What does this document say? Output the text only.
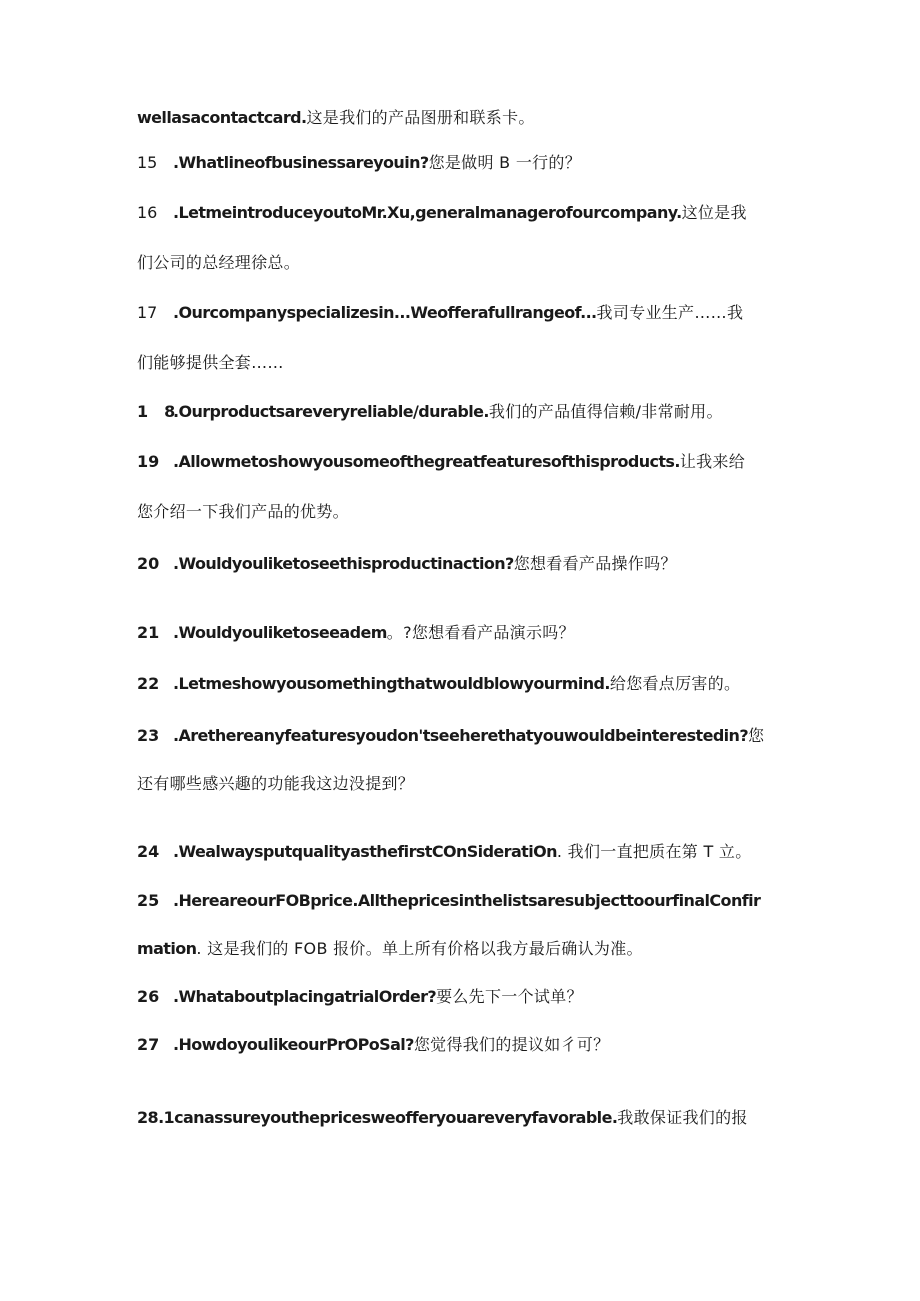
wellasacontactcard.这是我们的产品图册和联系卡。
15 .Whatlineofbusinessareyouin?您是做明 B 一行的？
16 .LetmeintroduceyoutoMr.Xu,generalmanagerofourcompany.这位是我
们公司的总经理徐总。
17 .Ourcompanyspecializesin...Weofferafullrangeof...我司专业生产……我
们能够提供全套……
1　8.Ourproductsareveryreliable/durable.我们的产品值得信赖/非常耐用。
19 .Allowmetoshowyousomeofthegreatfeaturesofthisproducts.让我来给
您介绍一下我们产品的优势。
20 .Wouldyouliketoseethisproductinaction?您想看看产品操作吗？
21 .Wouldyouliketoseeadem。?您想看看产品演示吗？
22 .Letmeshowyousomethingthatwouldblowyourmind.给您看点厉害的。
23 .Arethereanyfeaturesyoudon'tseeherethatyouwouldbeinterestedin?您
还有哪些感兴趣的功能我这边没提到？
24 .WealwaysputqualityasthefirstCOnSideratiOn. 我们一直把质在第 T 立。
25 .HereareourFOBprice.AllthepricesinthelistsaresubjecttoourfinalConfir
mation. 这是我们的 FOB 报价。单上所有价格以我方最后确认为准。
26 .WhataboutplacingatrialOrder?要么先下一个试单？
27 .HowdoyoulikeourPrOPoSal?您觉得我们的提议如彳可？
28.1canassureyouthepricesweofferyouareveryfavorable.我敢保证我们的报
